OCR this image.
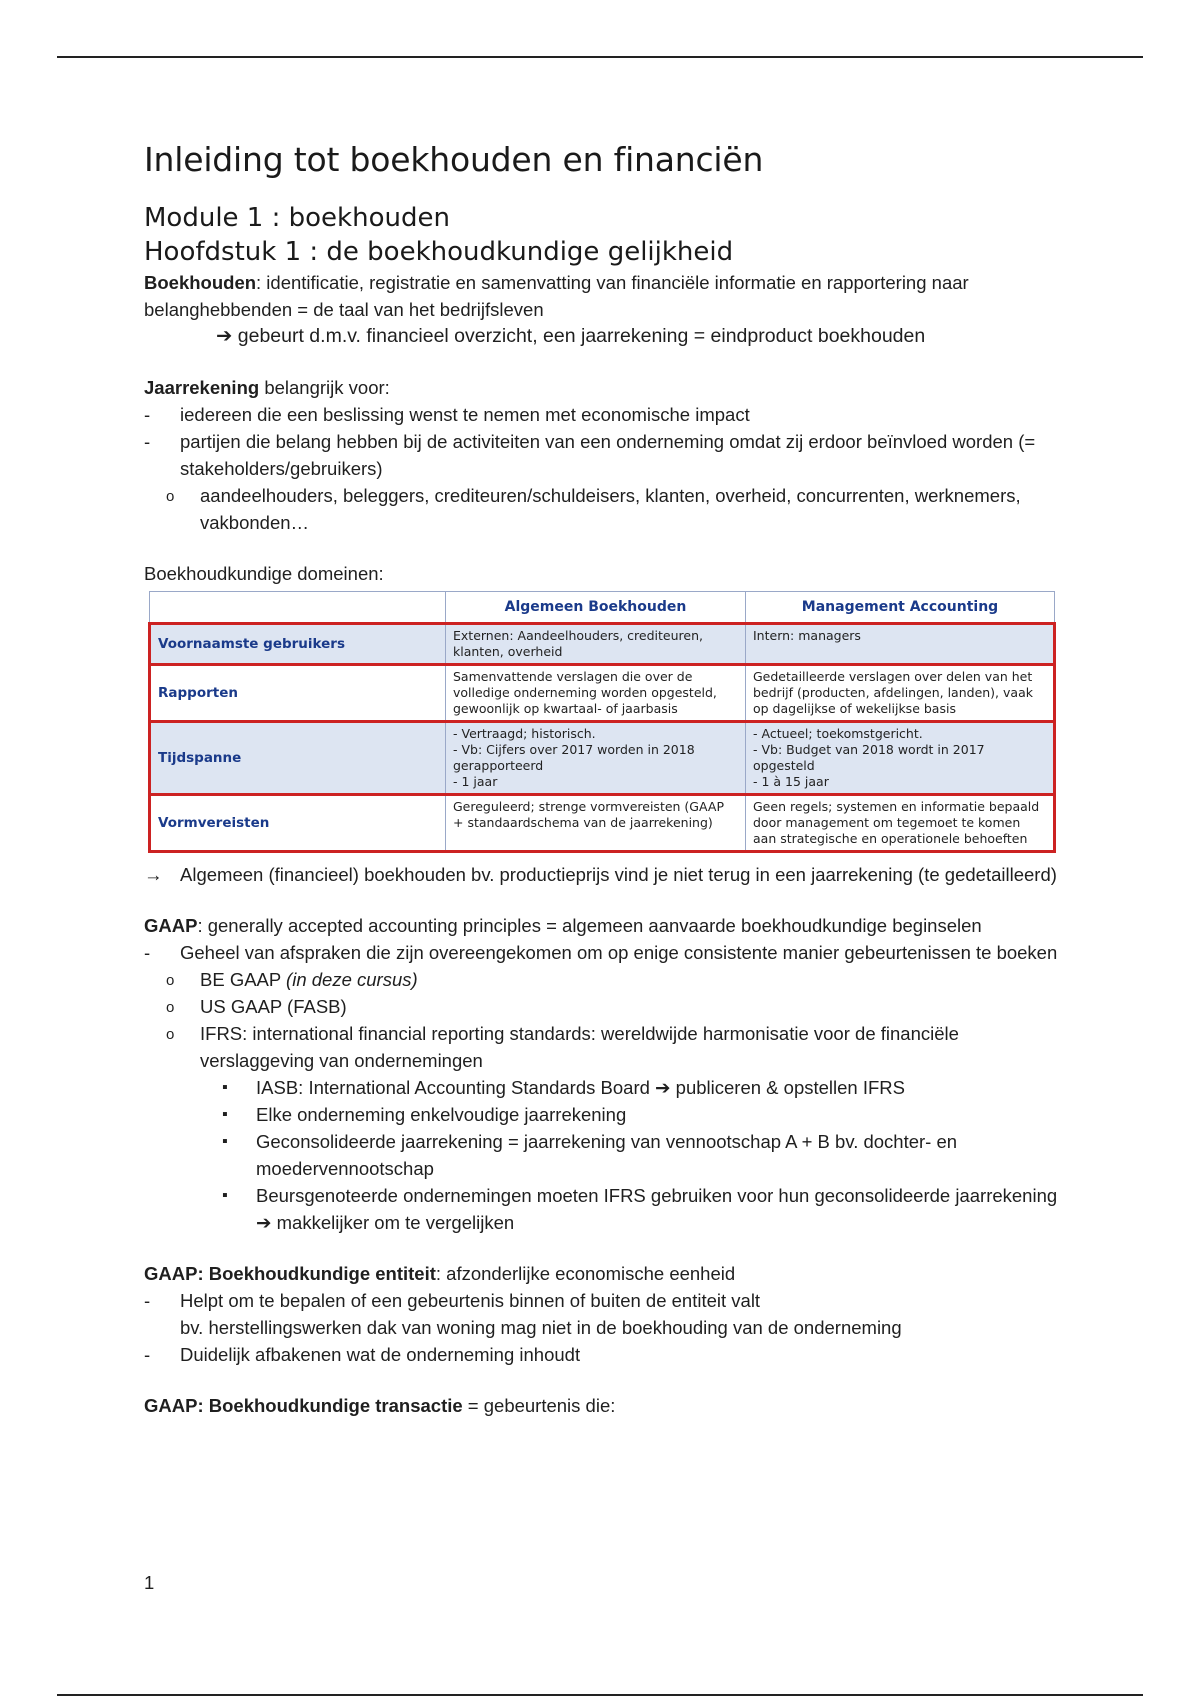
Inleiding tot boekhouden en financiën
Module 1 : boekhouden
Hoofdstuk 1 : de boekhoudkundige gelijkheid

Boekhouden: identificatie, registratie en samenvatting van financiële informatie en rapportering naar belanghebbenden = de taal van het bedrijfsleven

➔ gebeurt d.m.v. financieel overzicht, een jaarrekening = eindproduct boekhouden

Jaarrekening belangrijk voor:

- iedereen die een beslissing wenst te nemen met economische impact
- partijen die belang hebben bij de activiteiten van een onderneming omdat zij erdoor beïnvloed worden (= stakeholders/gebruikers)
o aandeelhouders, beleggers, crediteuren/schuldeisers, klanten, overheid, concurrenten, werknemers, vakbonden…

Boekhoudkundige domeinen:

	Algemeen Boekhouden	Management Accounting
Voornaamste gebruikers	Externen: Aandeelhouders, crediteuren, klanten, overheid	Intern: managers

Rapporten	Samenvattende verslagen die over de volledige onderneming worden opgesteld, gewoonlijk op kwartaal- of jaarbasis	Gedetailleerde verslagen over delen van het bedrijf (producten, afdelingen, landen), vaak op dagelijkse of wekelijkse basis

Tijdspanne	- Vertraagd; historisch.
- Vb: Cijfers over 2017 worden in 2018 gerapporteerd
- 1 jaar	- Actueel; toekomstgericht.
- Vb: Budget van 2018 wordt in 2017 opgesteld
- 1 à 15 jaar

Vormvereisten	Gereguleerd; strenge vormvereisten (GAAP + standaardschema van de jaarrekening)	Geen regels; systemen en informatie bepaald door management om tegemoet te komen aan strategische en operationele behoeften

→ Algemeen (financieel) boekhouden bv. productieprijs vind je niet terug in een jaarrekening (te gedetailleerd)

GAAP: generally accepted accounting principles = algemeen aanvaarde boekhoudkundige beginselen

- Geheel van afspraken die zijn overeengekomen om op enige consistente manier gebeurtenissen te boeken
o BE GAAP (in deze cursus)
o US GAAP (FASB)
o IFRS: international financial reporting standards: wereldwijde harmonisatie voor de financiële verslaggeving van ondernemingen
▪ IASB: International Accounting Standards Board ➔ publiceren & opstellen IFRS
▪ Elke onderneming enkelvoudige jaarrekening
▪ Geconsolideerde jaarrekening = jaarrekening van vennootschap A + B bv. dochter- en moedervennootschap
▪ Beursgenoteerde ondernemingen moeten IFRS gebruiken voor hun geconsolideerde jaarrekening ➔ makkelijker om te vergelijken

GAAP: Boekhoudkundige entiteit: afzonderlijke economische eenheid

- Helpt om te bepalen of een gebeurtenis binnen of buiten de entiteit valt
bv. herstellingswerken dak van woning mag niet in de boekhouding van de onderneming
- Duidelijk afbakenen wat de onderneming inhoudt

GAAP: Boekhoudkundige transactie = gebeurtenis die:

1
